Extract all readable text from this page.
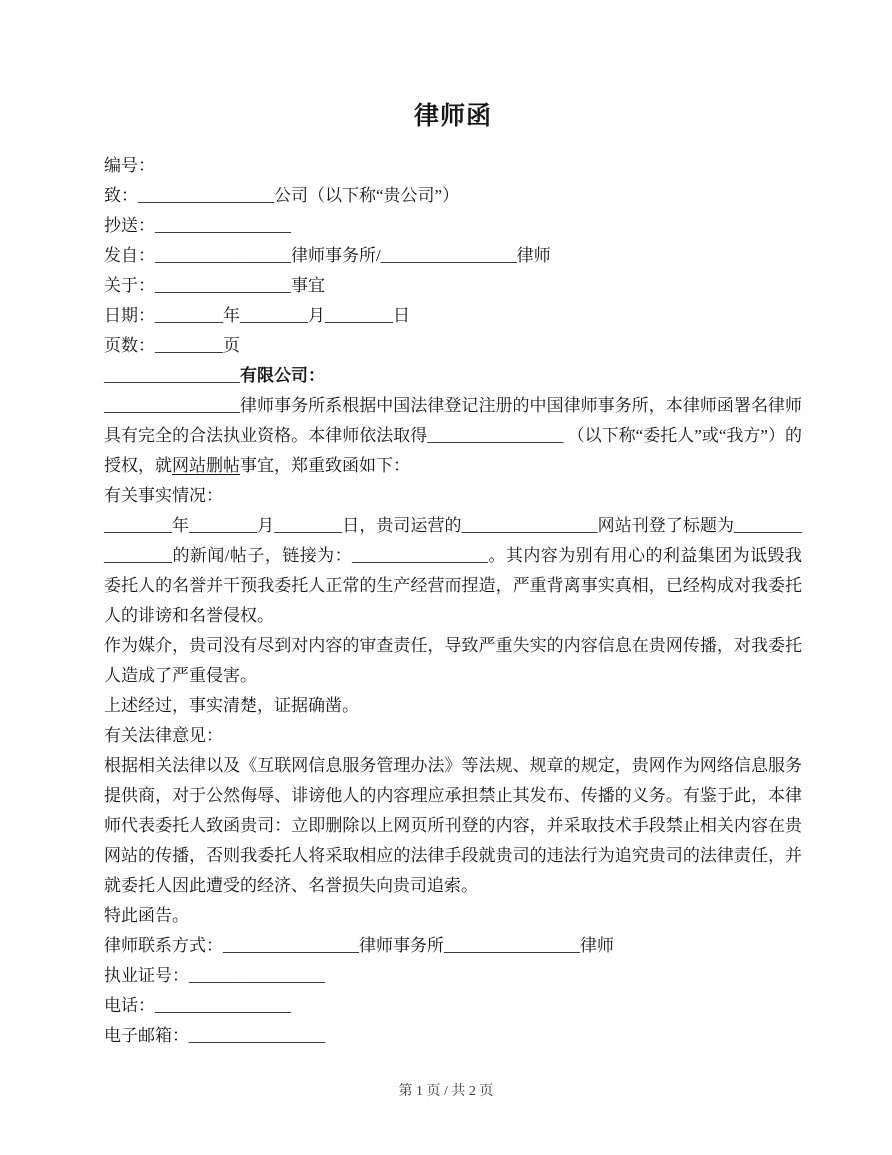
律师函

编号：

致：________________公司（以下称“贵公司”）

抄送：________________

发自：________________律师事务所/________________律师

关于：________________事宜

日期：________年________月________日

页数：________页

________________有限公司：

________________律师事务所系根据中国法律登记注册的中国律师事务所，本律师函署名律师具有完全的合法执业资格。本律师依法取得________________ （以下称“委托人”或“我方”）的授权，就网站删帖事宜，郑重致函如下：

有关事实情况：

________年________月________日，贵司运营的________________网站刊登了标题为________________的新闻/帖子，链接为：________________。其内容为别有用心的利益集团为诋毁我委托人的名誉并干预我委托人正常的生产经营而捏造，严重背离事实真相，已经构成对我委托人的诽谤和名誉侵权。

作为媒介，贵司没有尽到对内容的审查责任，导致严重失实的内容信息在贵网传播，对我委托人造成了严重侵害。

上述经过，事实清楚，证据确凿。

有关法律意见：

根据相关法律以及《互联网信息服务管理办法》等法规、规章的规定，贵网作为网络信息服务提供商，对于公然侮辱、诽谤他人的内容理应承担禁止其发布、传播的义务。有鉴于此，本律师代表委托人致函贵司：立即删除以上网页所刊登的内容，并采取技术手段禁止相关内容在贵网站的传播，否则我委托人将采取相应的法律手段就贵司的违法行为追究贵司的法律责任，并就委托人因此遭受的经济、名誉损失向贵司追索。

特此函告。

律师联系方式：________________律师事务所________________律师

执业证号：________________

电话：________________

电子邮箱：________________

第 1 页 / 共 2 页
